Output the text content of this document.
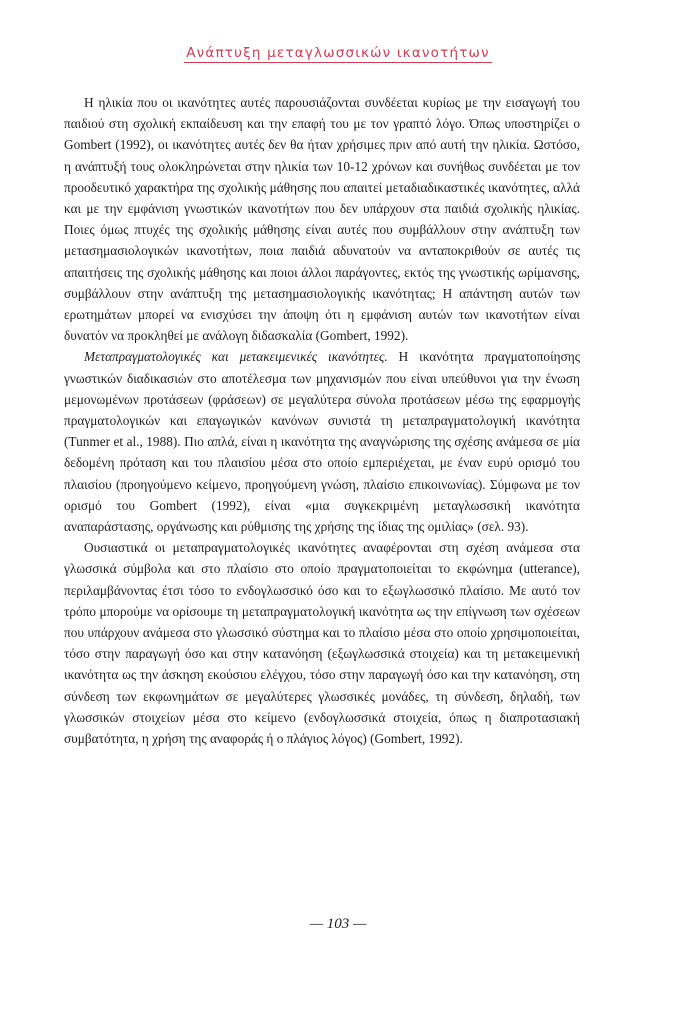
Ανάπτυξη μεταγλωσσικών ικανοτήτων

Η ηλικία που οι ικανότητες αυτές παρουσιάζονται συνδέεται κυρίως με την εισαγωγή του παιδιού στη σχολική εκπαίδευση και την επαφή του με τον γραπτό λόγο. Όπως υποστηρίζει ο Gombert (1992), οι ικανότητες αυτές δεν θα ήταν χρήσιμες πριν από αυτή την ηλικία. Ωστόσο, η ανάπτυξή τους ολοκληρώνεται στην ηλικία των 10-12 χρόνων και συνήθως συνδέεται με τον προοδευτικό χαρακτήρα της σχολικής μάθησης που απαιτεί μεταδιαδικαστικές ικανότητες, αλλά και με την εμφάνιση γνωστικών ικανοτήτων που δεν υπάρχουν στα παιδιά σχολικής ηλικίας. Ποιες όμως πτυχές της σχολικής μάθησης είναι αυτές που συμβάλλουν στην ανάπτυξη των μετασημασιολογικών ικανοτήτων, ποια παιδιά αδυνατούν να ανταποκριθούν σε αυτές τις απαιτήσεις της σχολικής μάθησης και ποιοι άλλοι παράγοντες, εκτός της γνωστικής ωρίμανσης, συμβάλλουν στην ανάπτυξη της μετασημασιολογικής ικανότητας; Η απάντηση αυτών των ερωτημάτων μπορεί να ενισχύσει την άποψη ότι η εμφάνιση αυτών των ικανοτήτων είναι δυνατόν να προκληθεί με ανάλογη διδασκαλία (Gombert, 1992).

Μεταπραγματολογικές και μετακειμενικές ικανότητες. Η ικανότητα πραγματοποίησης γνωστικών διαδικασιών στο αποτέλεσμα των μηχανισμών που είναι υπεύθυνοι για την ένωση μεμονωμένων προτάσεων (φράσεων) σε μεγαλύτερα σύνολα προτάσεων μέσω της εφαρμογής πραγματολογικών και επαγωγικών κανόνων συνιστά τη μεταπραγματολογική ικανότητα (Tunmer et al., 1988). Πιο απλά, είναι η ικανότητα της αναγνώρισης της σχέσης ανάμεσα σε μία δεδομένη πρόταση και του πλαισίου μέσα στο οποίο εμπεριέχεται, με έναν ευρύ ορισμό του πλαισίου (προηγούμενο κείμενο, προηγούμενη γνώση, πλαίσιο επικοινωνίας). Σύμφωνα με τον ορισμό του Gombert (1992), είναι «μια συγκεκριμένη μεταγλωσσική ικανότητα αναπαράστασης, οργάνωσης και ρύθμισης της χρήσης της ίδιας της ομιλίας» (σελ. 93).

Ουσιαστικά οι μεταπραγματολογικές ικανότητες αναφέρονται στη σχέση ανάμεσα στα γλωσσικά σύμβολα και στο πλαίσιο στο οποίο πραγματοποιείται το εκφώνημα (utterance), περιλαμβάνοντας έτσι τόσο το ενδογλωσσικό όσο και το εξωγλωσσικό πλαίσιο. Με αυτό τον τρόπο μπορούμε να ορίσουμε τη μεταπραγματολογική ικανότητα ως την επίγνωση των σχέσεων που υπάρχουν ανάμεσα στο γλωσσικό σύστημα και το πλαίσιο μέσα στο οποίο χρησιμοποιείται, τόσο στην παραγωγή όσο και στην κατανόηση (εξωγλωσσικά στοιχεία) και τη μετακειμενική ικανότητα ως την άσκηση εκούσιου ελέγχου, τόσο στην παραγωγή όσο και την κατανόηση, στη σύνδεση των εκφωνημάτων σε μεγαλύτερες γλωσσικές μονάδες, τη σύνδεση, δηλαδή, των γλωσσικών στοιχείων μέσα στο κείμενο (ενδογλωσσικά στοιχεία, όπως η διαπροτασιακή συμβατότητα, η χρήση της αναφοράς ή ο πλάγιος λόγος) (Gombert, 1992).

— 103 —
